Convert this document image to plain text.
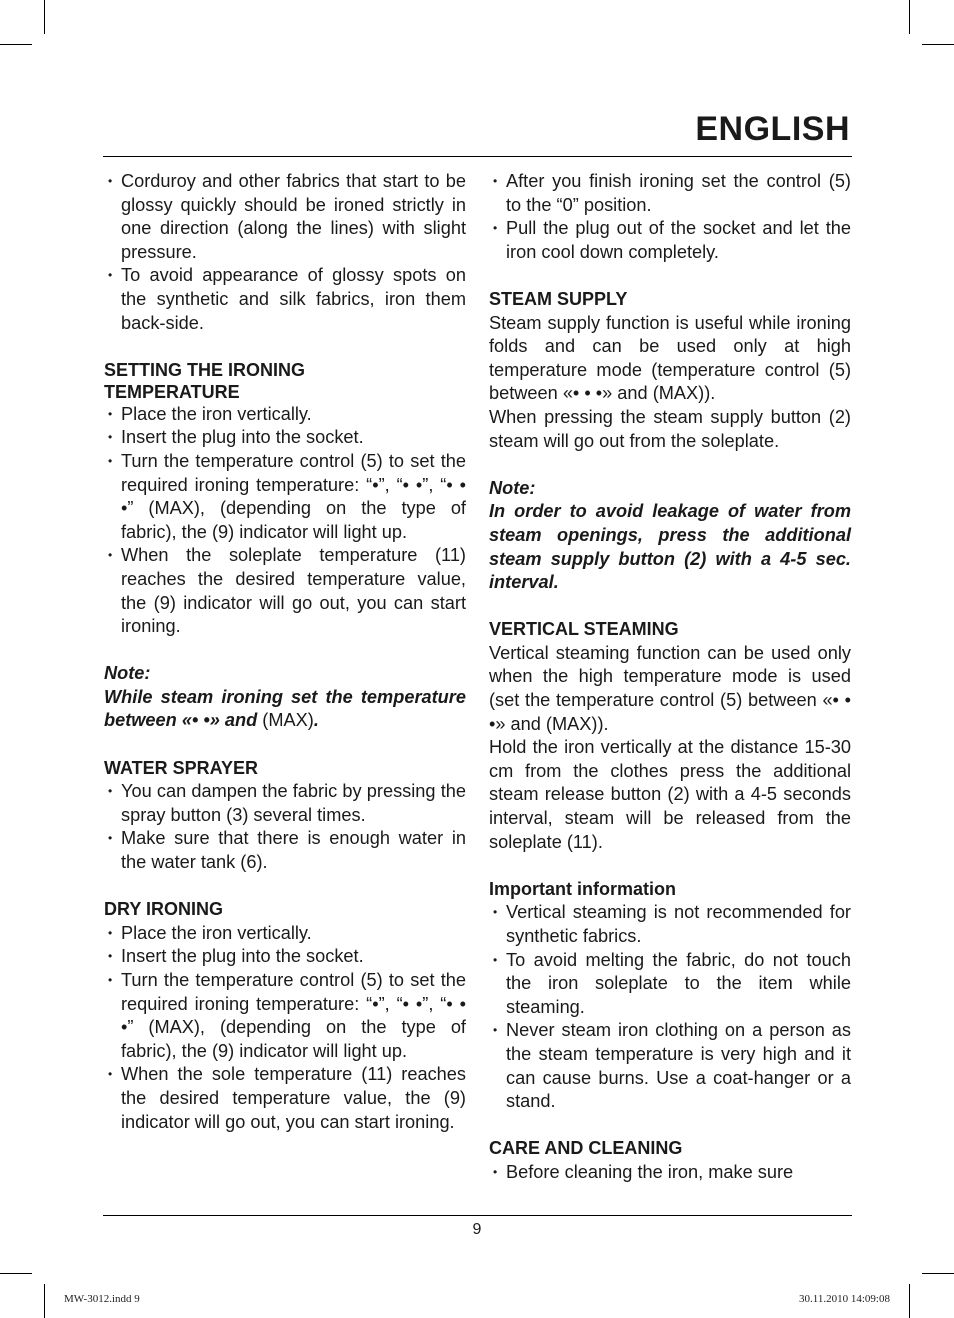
ENGLISH
• Corduroy and other fabrics that start to be glossy quickly should be ironed strictly in one direction (along the lines) with slight pressure.
• To avoid appearance of glossy spots on the synthetic and silk fabrics, iron them back-side.

SETTING THE IRONING TEMPERATURE

• Place the iron vertically.
• Insert the plug into the socket.
• Turn the temperature control (5) to set the required ironing temperature: “•”, “• •”, “• • •” (MAX), (depending on the type of fabric), the (9) indicator will light up.
• When the soleplate temperature (11) reaches the desired temperature value, the (9) indicator will go out, you can start ironing.

Note:

While steam ironing set the temperature between «• •» and (MAX).

WATER SPRAYER

• You can dampen the fabric by pressing the spray button (3) several times.
• Make sure that there is enough water in the water tank (6).

DRY IRONING

• Place the iron vertically.
• Insert the plug into the socket.
• Turn the temperature control (5) to set the required ironing temperature: “•”, “• •”, “• • •” (MAX), (depending on the type of fabric), the (9) indicator will light up.
• When the sole temperature (11) reaches the desired temperature value, the (9) indicator will go out, you can start ironing.
• After you finish ironing set the control (5) to the “0” position.
• Pull the plug out of the socket and let the iron cool down completely.

STEAM SUPPLY

Steam supply function is useful while ironing folds and can be used only at high temperature mode (temperature control (5) between «• • •» and (MAX)).

When pressing the steam supply button (2) steam will go out from the soleplate.

Note:

In order to avoid leakage of water from steam openings, press the additional steam supply button (2) with a 4-5 sec. interval.

VERTICAL STEAMING

Vertical steaming function can be used only when the high temperature mode is used (set the temperature control (5) between «• • •» and (MAX)).

Hold the iron vertically at the distance 15-30 cm from the clothes press the additional steam release button (2) with a 4-5 seconds interval, steam will be released from the soleplate (11).

Important information

• Vertical steaming is not recommended for synthetic fabrics.
• To avoid melting the fabric, do not touch the iron soleplate to the item while steaming.
• Never steam iron clothing on a person as the steam temperature is very high and it can cause burns. Use a coat-hanger or a stand.

CARE AND CLEANING

• Before cleaning the iron, make sure
9
MW-3012.indd 9	30.11.2010 14:09:08
